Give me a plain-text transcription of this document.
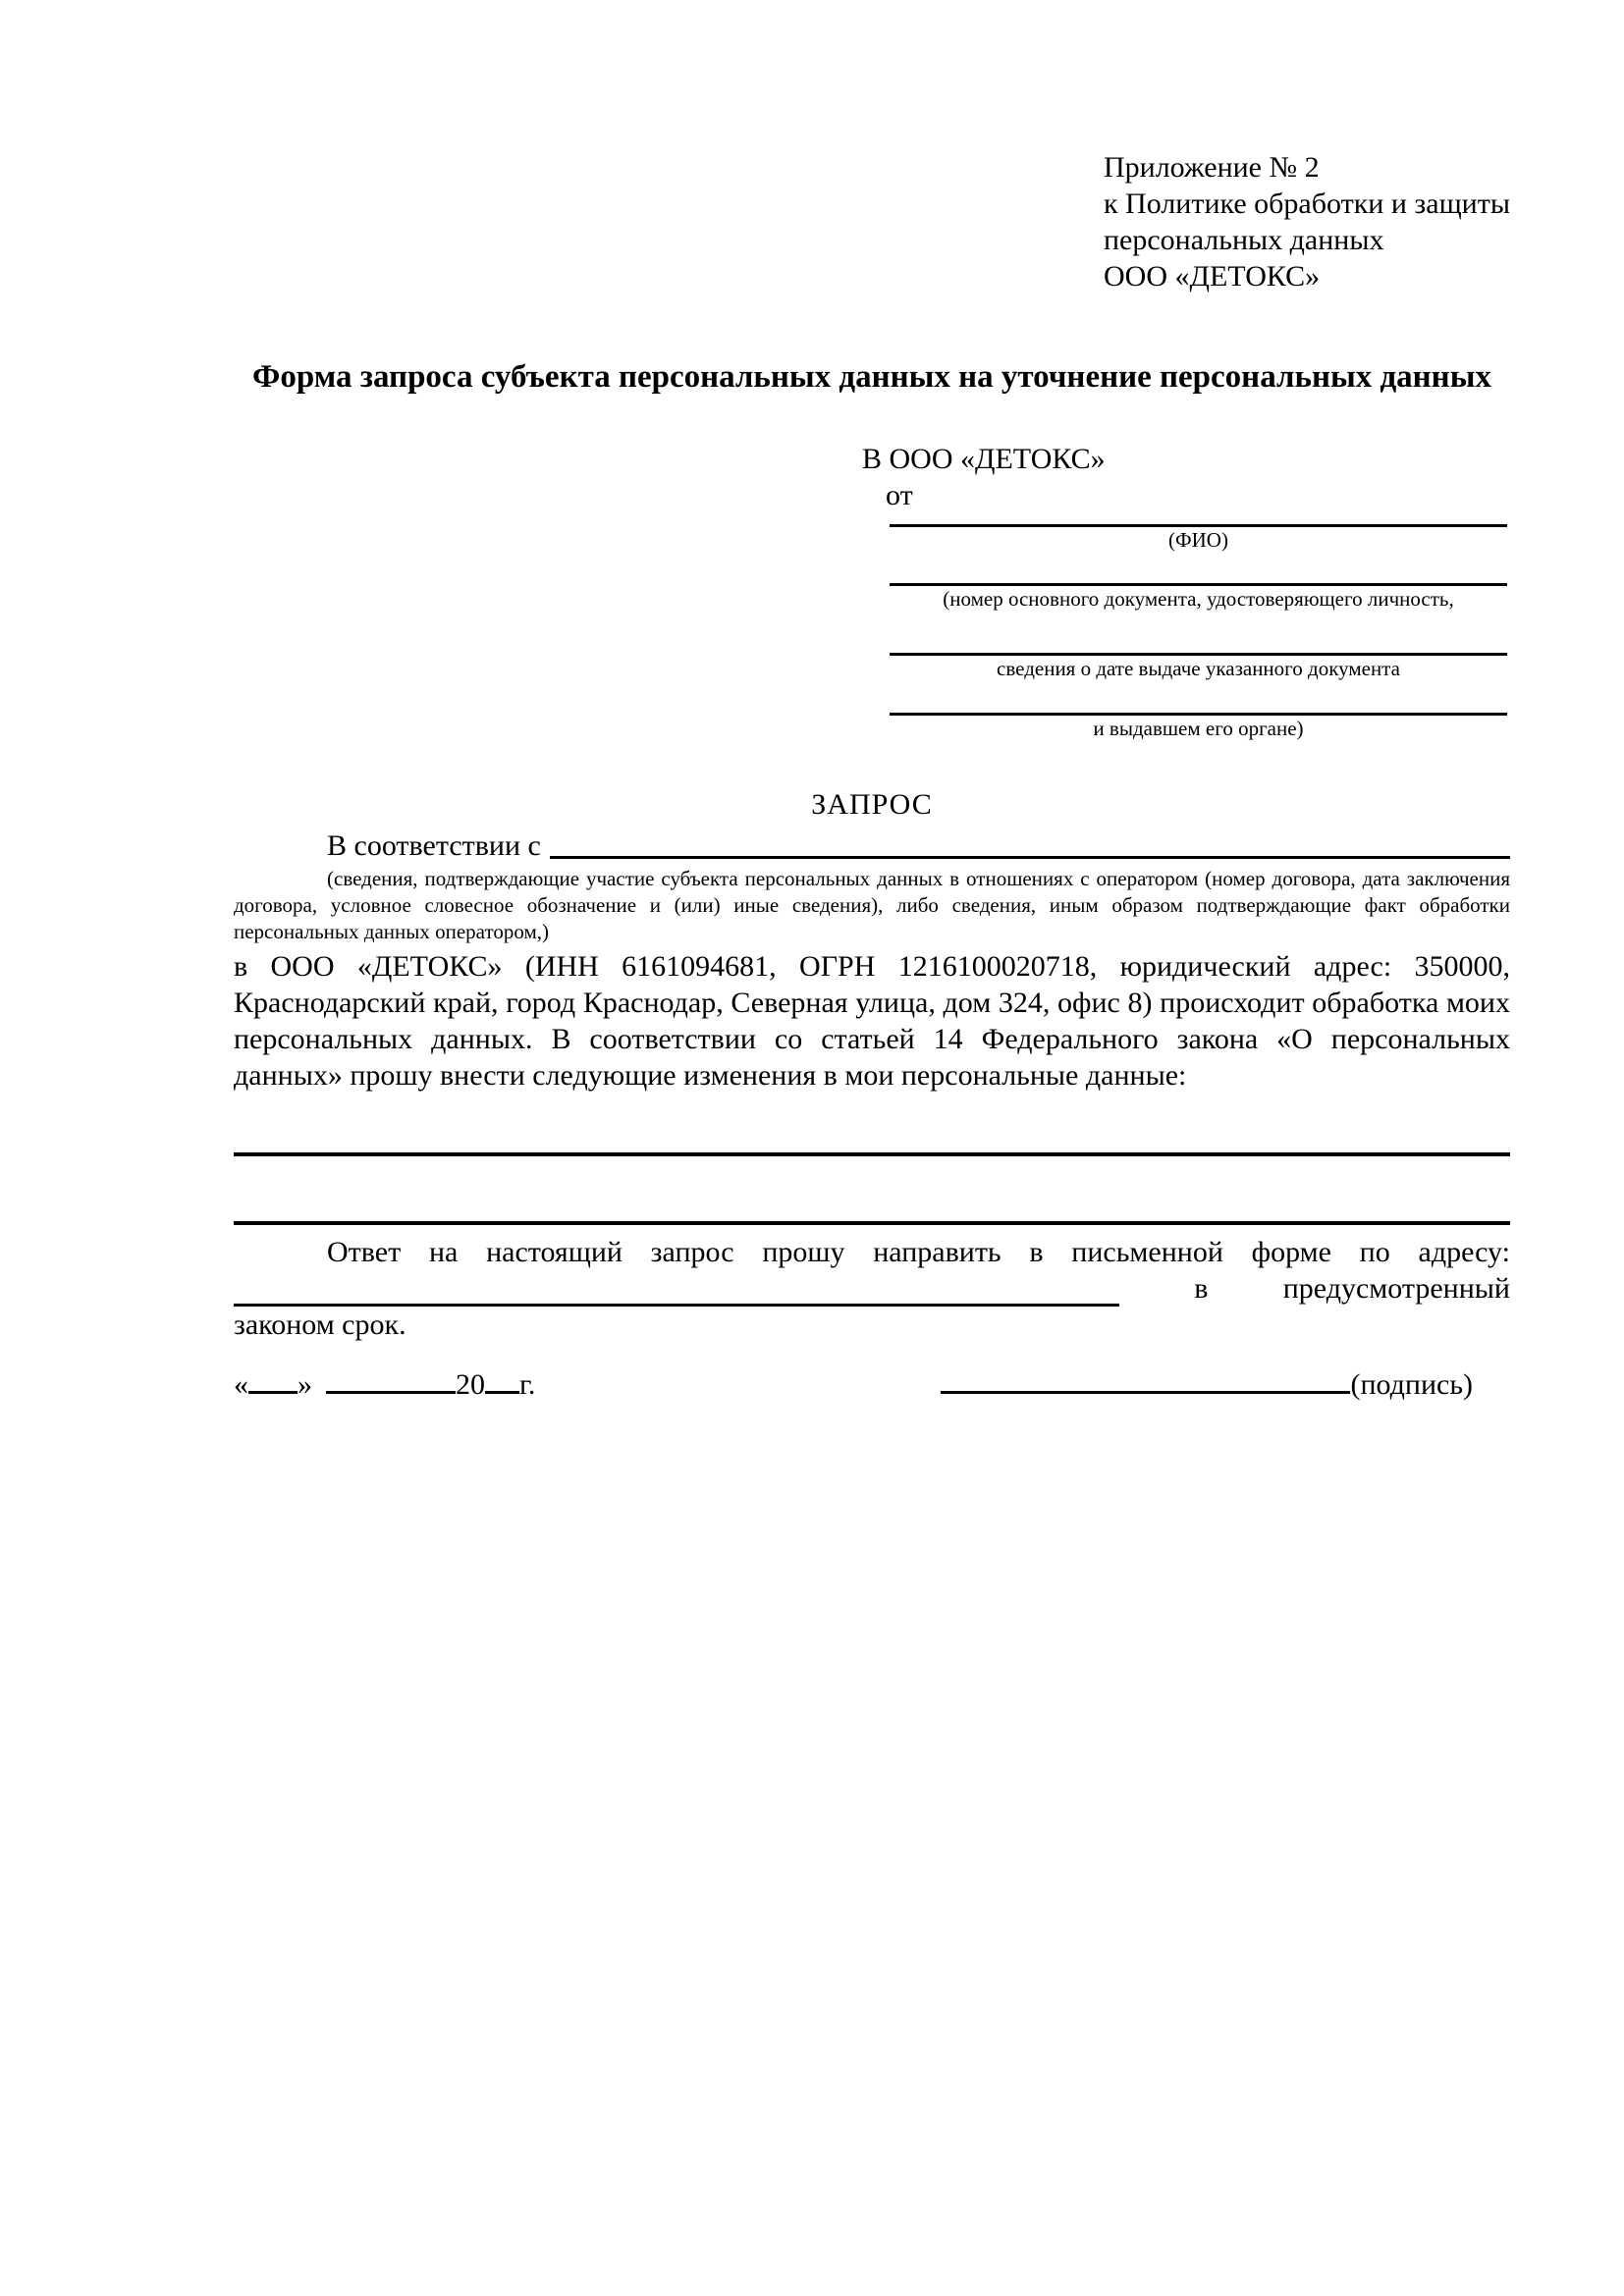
Приложение № 2
к Политике обработки и защиты
персональных данных
ООО «ДЕТОКС»
Форма запроса субъекта персональных данных на уточнение персональных данных
В ООО «ДЕТОКС»
от
(ФИО)
(номер основного документа, удостоверяющего личность,
сведения о дате выдаче указанного документа
и выдавшем его органе)
ЗАПРОС
В соответствии с
(сведения, подтверждающие участие субъекта персональных данных в отношениях с оператором (номер договора, дата заключения договора, условное словесное обозначение и (или) иные сведения), либо сведения, иным образом подтверждающие факт обработки персональных данных оператором,)
в ООО «ДЕТОКС» (ИНН 6161094681, ОГРН 1216100020718, юридический адрес: 350000, Краснодарский край, город Краснодар, Северная улица, дом 324, офис 8) происходит обработка моих персональных данных. В соответствии со статьей 14 Федерального закона «О персональных данных» прошу внести следующие изменения в мои персональные данные:
Ответ на настоящий запрос прошу направить в письменной форме по адресу:
в	предусмотренный
законом срок.
« »	20 г.	(подпись)
